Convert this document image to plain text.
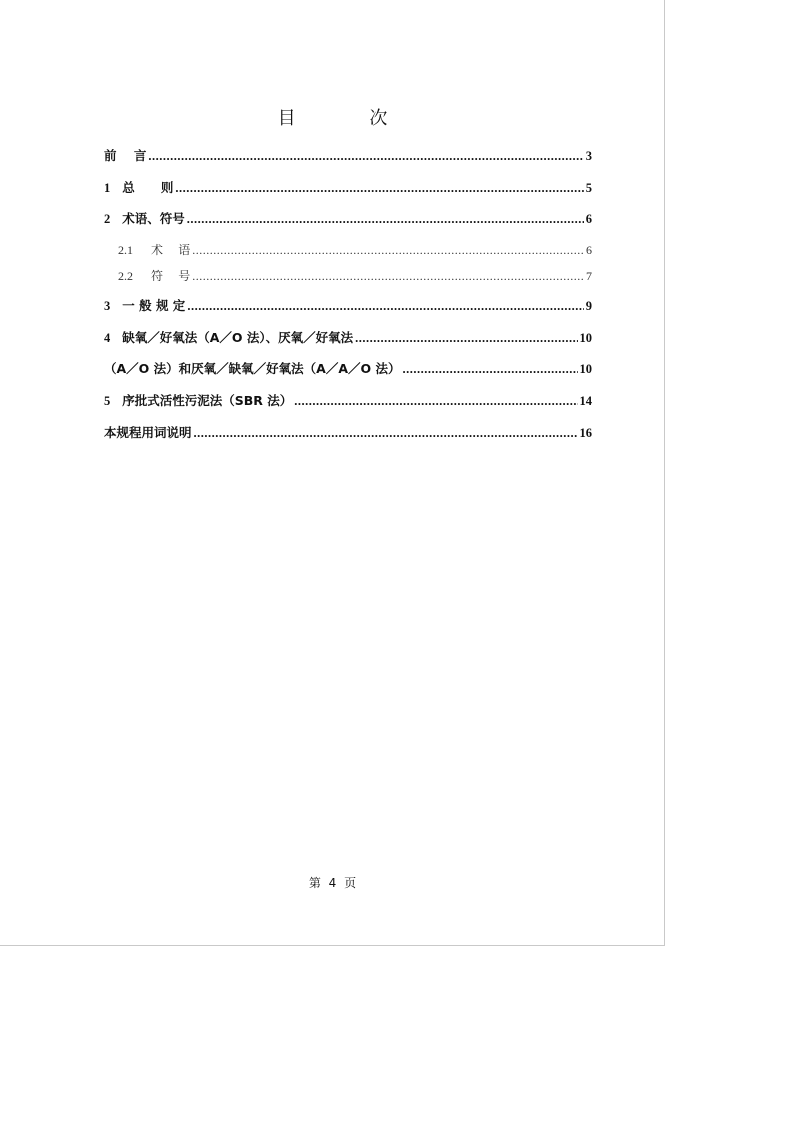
目 次
前    言 .....	3
1 总      则 .....	5
2 术语、符号 .....	6
2.1 术    语 .....	6
2.2 符    号 .....	7
3 一 般 规 定 .....	9
4 缺氧／好氧法（A／O 法）、厌氧／好氧法 .....	10
（A／O 法）和厌氧／缺氧／好氧法（A／A／O 法） .....	10
5 序批式活性污泥法（SBR 法） .....	14
本规程用词说明 .....	16
第 4 页
